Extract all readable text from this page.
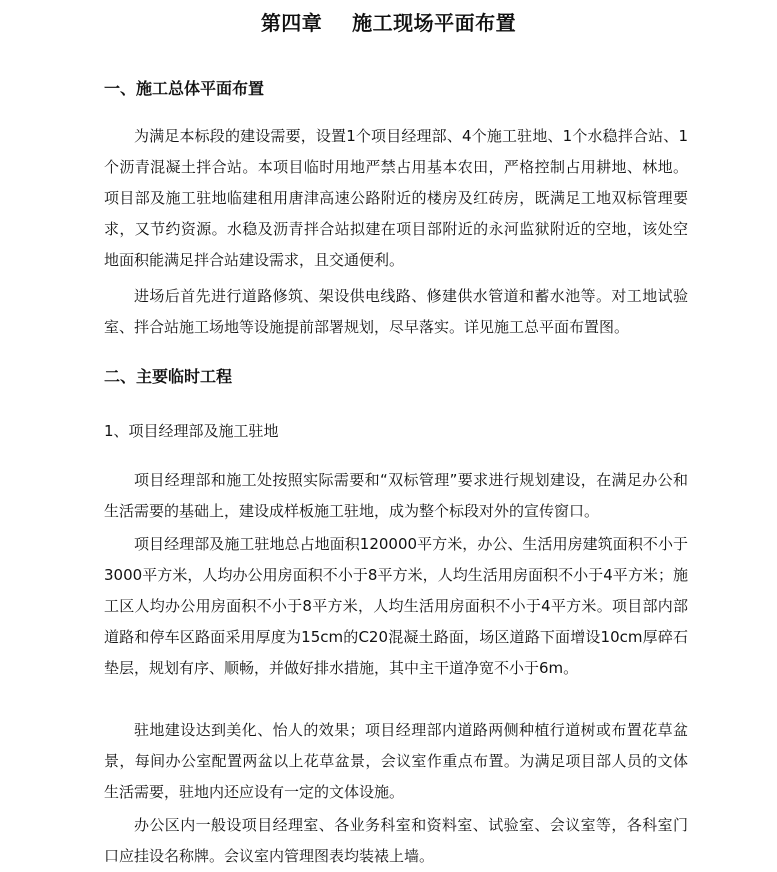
第四章    施工现场平面布置
一、施工总体平面布置
为满足本标段的建设需要，设置1个项目经理部、4个施工驻地、1个水稳拌合站、1个沥青混凝土拌合站。本项目临时用地严禁占用基本农田，严格控制占用耕地、林地。项目部及施工驻地临建租用唐津高速公路附近的楼房及红砖房，既满足工地双标管理要求，又节约资源。水稳及沥青拌合站拟建在项目部附近的永河监狱附近的空地，该处空地面积能满足拌合站建设需求，且交通便利。
进场后首先进行道路修筑、架设供电线路、修建供水管道和蓄水池等。对工地试验室、拌合站施工场地等设施提前部署规划，尽早落实。详见施工总平面布置图。
二、主要临时工程
1、项目经理部及施工驻地
项目经理部和施工处按照实际需要和“双标管理”要求进行规划建设，在满足办公和生活需要的基础上，建设成样板施工驻地，成为整个标段对外的宣传窗口。
项目经理部及施工驻地总占地面积120000平方米，办公、生活用房建筑面积不小于3000平方米，人均办公用房面积不小于8平方米，人均生活用房面积不小于4平方米；施工区人均办公用房面积不小于8平方米，人均生活用房面积不小于4平方米。项目部内部道路和停车区路面采用厚度为15cm的C20混凝土路面，场区道路下面增设10cm厚碎石垫层，规划有序、顺畅，并做好排水措施，其中主干道净宽不小于6m。
驻地建设达到美化、怡人的效果；项目经理部内道路两侧种植行道树或布置花草盆景，每间办公室配置两盆以上花草盆景，会议室作重点布置。为满足项目部人员的文体生活需要，驻地内还应设有一定的文体设施。
办公区内一般设项目经理室、各业务科室和资料室、试验室、会议室等，各科室门口应挂设名称牌。会议室内管理图表均装裱上墙。
